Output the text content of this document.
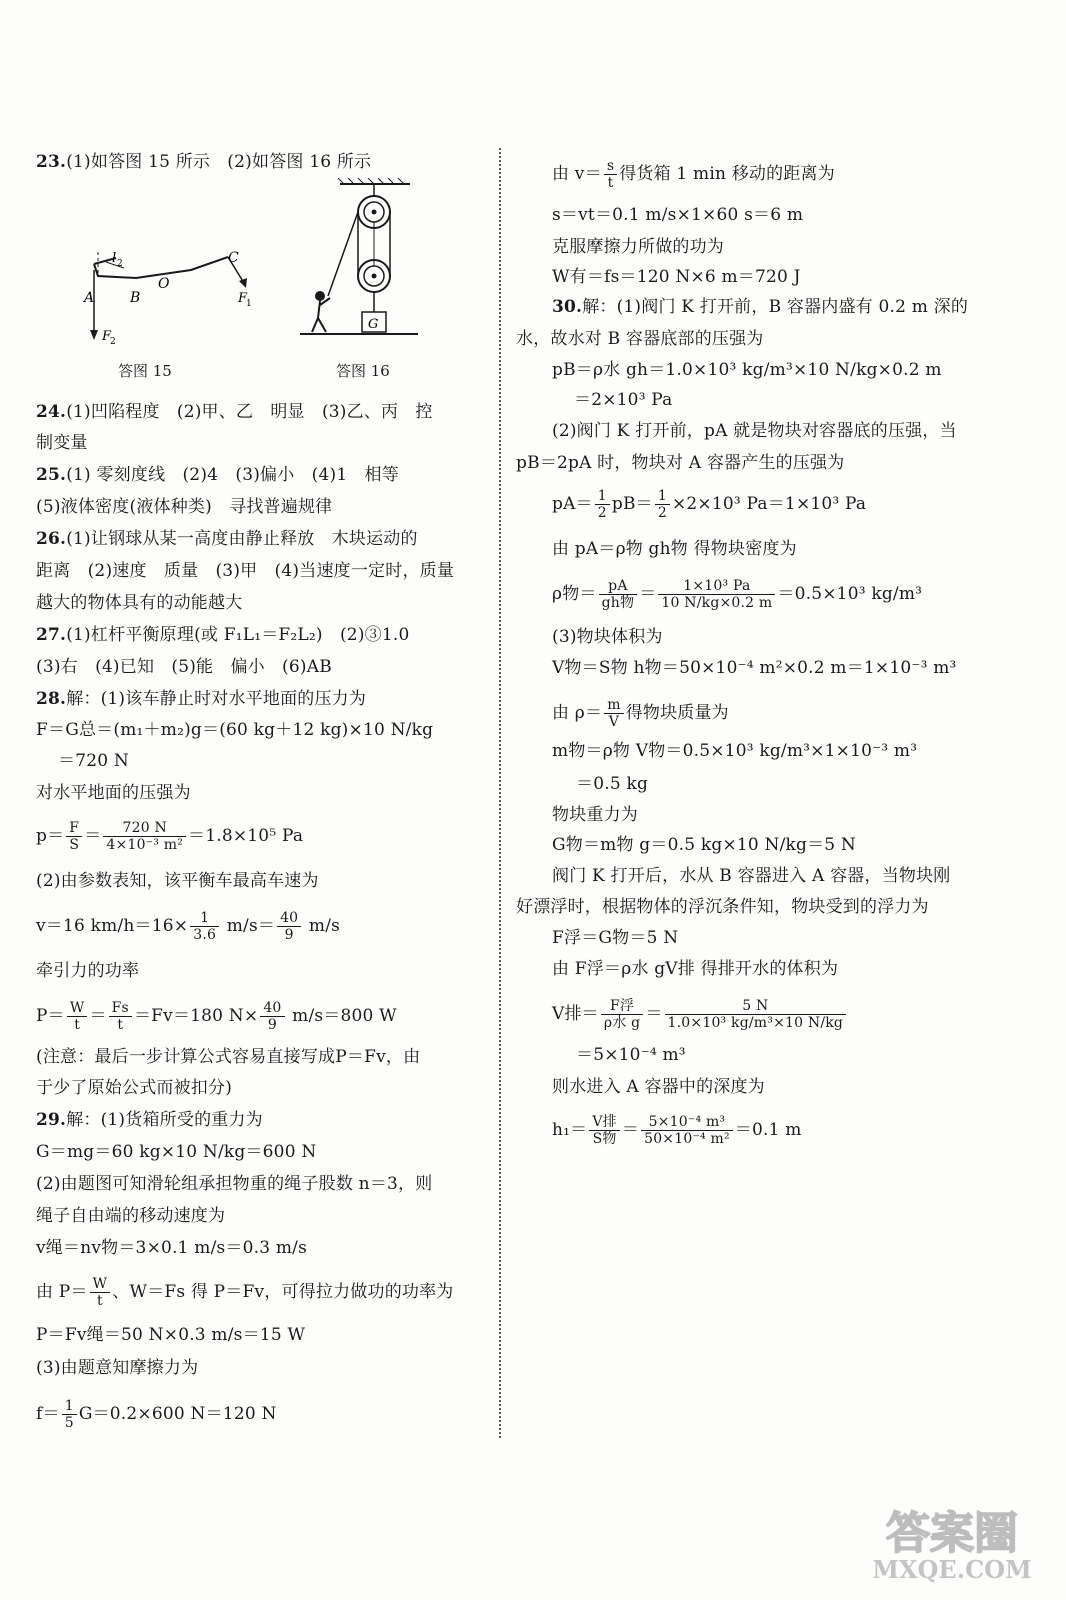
23.(1)如答图 15 所示　(2)如答图 16 所示
A	B
O
C
l 2
F
1
F
2
答图 15
G
答图 16
24.(1)凹陷程度　(2)甲、乙　明显　(3)乙、丙　控
制变量
25.(1) 零刻度线　(2)4　(3)偏小　(4)1　相等
(5)液体密度(液体种类)　寻找普遍规律
26.(1)让钢球从某一高度由静止释放　木块运动的
距离　(2)速度　质量　(3)甲　(4)当速度一定时，质量
越大的物体具有的动能越大
27.(1)杠杆平衡原理(或 F₁L₁＝F₂L₂)　(2)③1.0
(3)右　(4)已知　(5)能　偏小　(6)AB
28.解：(1)该车静止时对水平地面的压力为
F＝G总＝(m₁＋m₂)g＝(60 kg＋12 kg)×10 N/kg
＝720 N
对水平地面的压强为
$p= \frac{F}{S} = \frac{720 N}{\text{4×10⁻³ m²}} =1.8\times 10^5$ Pa
(2)由参数表知，该平衡车最高车速为
v＝16 $km/h=16\times \frac{1}{3.6} m/s= \frac{40}{9} m/s$
牵引力的功率
$P= \frac{W}{t} = \frac{Fs}{t} =Fv=180$ $N\times \frac{40}{9} m/s=800$ W
(注意：最后一步计算公式容易直接写成P＝Fv，由
于少了原始公式而被扣分)
29.解：(1)货箱所受的重力为
G＝mg＝60 kg×10 N/kg＝600 N
(2)由题图可知滑轮组承担物重的绳子股数 n＝3，则
绳子自由端的移动速度为
v绳＝nv物＝3×0.1 m/s＝0.3 m/s
由 $P= \frac{W}{t}$ 、W＝Fs 得 P＝Fv，可得拉力做功的功率为
P＝Fv绳＝50 N×0.3 m/s＝15 W
(3)由题意知摩擦力为
$f= \frac{1}{5} G=0.2\times 600$ N＝120 N
由 $v= \frac{s}{t}$ 得货箱 1 min 移动的距离为
s＝vt＝0.1 m/s×1×60 s＝6 m
克服摩擦力所做的功为
W有＝fs＝120 N×6 m＝720 J
30.解：(1)阀门 K 打开前，B 容器内盛有 0.2 m 深的
水，故水对 B 容器底部的压强为
pB＝ρ水 gh＝1.0×10³ kg/m³×10 N/kg×0.2 m
＝2×10³ Pa
(2)阀门 K 打开前，pA 就是物块对容器底的压强，当
pB＝2pA 时，物块对 A 容器产生的压强为
$pA= \frac{1}{2} pB= \frac{1}{2} \times 2\times 10^3$ Pa＝1×10³ Pa
由 pA＝ρ物 gh物 得物块密度为
ρ物＝ $\frac{pA}{\text{gh物}} = \frac{\text{1×10³ Pa}}{10 N/kg\times 0.2 m} =0.5\times 10^3$ kg/m³
(3)物块体积为
V物＝S物 h物＝50×10⁻⁴ m²×0.2 m＝1×10⁻³ m³
由 $\rho= \frac{m}{V}$ 得物块质量为
m物＝ρ物 V物＝0.5×10³ kg/m³×1×10⁻³ m³
＝0.5 kg
物块重力为
G物＝m物 g＝0.5 kg×10 N/kg＝5 N
阀门 K 打开后，水从 B 容器进入 A 容器，当物块刚
好漂浮时，根据物体的浮沉条件知，物块受到的浮力为
F浮＝G物＝5 N
由 F浮＝ρ水 gV排 得排开水的体积为
V排＝ $\frac{\text{F浮}}{\text{ρ水 g}} = \frac{5 N}{\text{1.0×10³ kg/m³×10 N/kg}}$
＝5×10⁻⁴ m³
则水进入 A 容器中的深度为
$h_1= \frac{\text{V排}}{\text{S物}} = \frac{\text{5×10⁻⁴ m³}}{\text{50×10⁻⁴ m²}} =0.1$ m
答案圈
MXQE.COM
